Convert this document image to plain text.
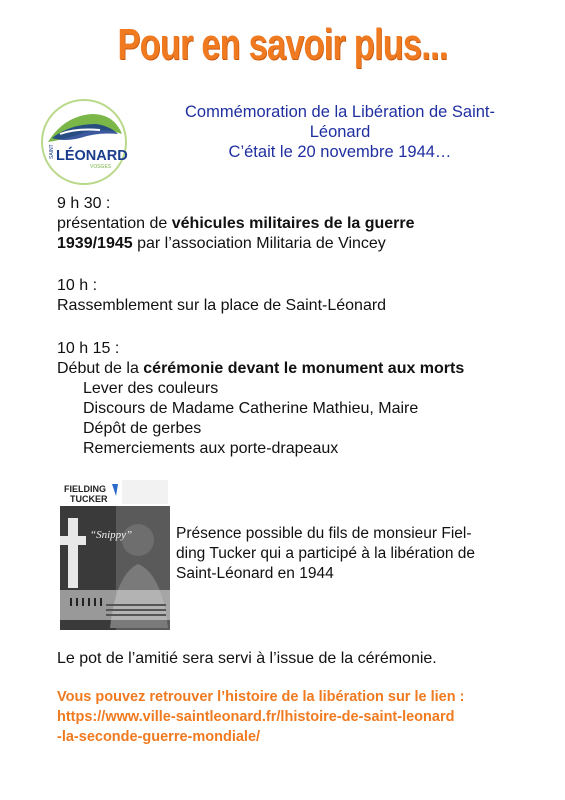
Pour en savoir plus...
SAINT LÉONARD
VOSGES
Commémoration de la Libération de Saint-
Léonard
C’était le 20 novembre 1944…
9 h 30 :
présentation de véhicules militaires de la guerre
1939/1945 par l’association Militaria de Vincey
10 h :
Rassemblement sur la place de Saint-Léonard
10 h 15 :
Début de la cérémonie devant le monument aux morts
Lever des couleurs
Discours de Madame Catherine Mathieu, Maire
Dépôt de gerbes
Remerciements aux porte-drapeaux
FIELDING
TUCKER
“Snippy”	Présence possible du fils de monsieur Fiel-
ding Tucker qui a participé à la libération de
Saint-Léonard en 1944
Le pot de l’amitié sera servi à l’issue de la cérémonie.
Vous pouvez retrouver l’histoire de la libération sur le lien :
https://www.ville-saintleonard.fr/lhistoire-de-saint-leonard
-la-seconde-guerre-mondiale/
